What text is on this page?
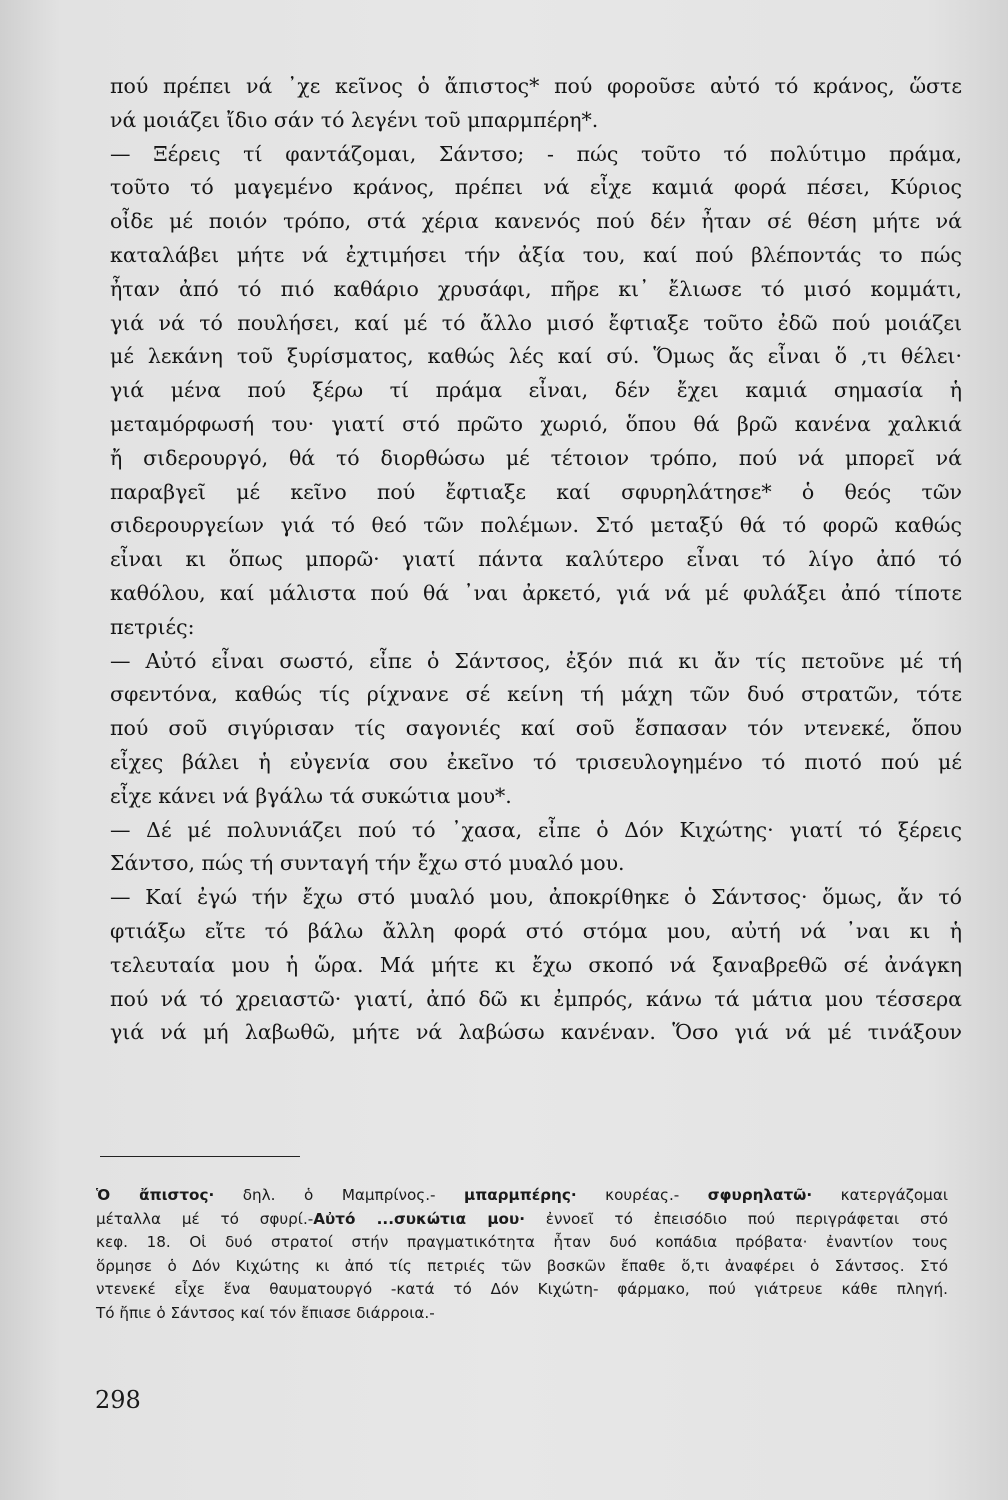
πού πρέπει νά ᾽χε κεῖνος ὁ ἄπιστος* πού φοροῦσε αὐτό τό κράνος, ὥστε
νά μοιάζει ἴδιο σάν τό λεγένι τοῦ μπαρμπέρη*.
— Ξέρεις τί φαντάζομαι, Σάντσο; - πώς τοῦτο τό πολύτιμο πράμα,
τοῦτο τό μαγεμένο κράνος, πρέπει νά εἶχε καμιά φορά πέσει, Κύριος
οἶδε μέ ποιόν τρόπο, στά χέρια κανενός πού δέν ἦταν σέ θέση μήτε νά
καταλάβει μήτε νά ἐχτιμήσει τήν ἀξία του, καί πού βλέποντάς το πώς
ἦταν ἀπό τό πιό καθάριο χρυσάφι, πῆρε κι᾽ ἔλιωσε τό μισό κομμάτι,
γιά νά τό πουλήσει, καί μέ τό ἄλλο μισό ἔφτιαξε τοῦτο ἐδῶ πού μοιάζει
μέ λεκάνη τοῦ ξυρίσματος, καθώς λές καί σύ. Ὅμως ἄς εἶναι ὅ ,τι θέλει·
γιά μένα πού ξέρω τί πράμα εἶναι, δέν ἔχει καμιά σημασία ἡ
μεταμόρφωσή του· γιατί στό πρῶτο χωριό, ὅπου θά βρῶ κανένα χαλκιά
ἤ σιδερουργό, θά τό διορθώσω μέ τέτοιον τρόπο, πού νά μπορεῖ νά
παραβγεῖ μέ κεῖνο πού ἔφτιαξε καί σφυρηλάτησε* ὁ θεός τῶν
σιδερουργείων γιά τό θεό τῶν πολέμων. Στό μεταξύ θά τό φορῶ καθώς
εἶναι κι ὅπως μπορῶ· γιατί πάντα καλύτερο εἶναι τό λίγο ἀπό τό
καθόλου, καί μάλιστα πού θά ᾽ναι ἀρκετό, γιά νά μέ φυλάξει ἀπό τίποτε
πετριές:
— Αὐτό εἶναι σωστό, εἶπε ὁ Σάντσος, ἐξόν πιά κι ἄν τίς πετοῦνε μέ τή
σφεντόνα, καθώς τίς ρίχνανε σέ κείνη τή μάχη τῶν δυό στρατῶν, τότε
πού σοῦ σιγύρισαν τίς σαγονιές καί σοῦ ἔσπασαν τόν ντενεκέ, ὅπου
εἶχες βάλει ἡ εὐγενία σου ἐκεῖνο τό τρισευλογημένο τό πιοτό πού μέ
εἶχε κάνει νά βγάλω τά συκώτια μου*.
— Δέ μέ πολυνιάζει πού τό ᾽χασα, εἶπε ὁ Δόν Κιχώτης· γιατί τό ξέρεις
Σάντσο, πώς τή συνταγή τήν ἔχω στό μυαλό μου.
— Καί ἐγώ τήν ἔχω στό μυαλό μου, ἀποκρίθηκε ὁ Σάντσος· ὅμως, ἄν τό
φτιάξω εἴτε τό βάλω ἄλλη φορά στό στόμα μου, αὐτή νά ᾽ναι κι ἡ
τελευταία μου ἡ ὥρα. Μά μήτε κι ἔχω σκοπό νά ξαναβρεθῶ σέ ἀνάγκη
πού νά τό χρειαστῶ· γιατί, ἀπό δῶ κι ἐμπρός, κάνω τά μάτια μου τέσσερα
γιά νά μή λαβωθῶ, μήτε νά λαβώσω κανέναν. Ὅσο γιά νά μέ τινάξουν
Ὁ ἄπιστος· δηλ. ὁ Μαμπρίνος.- μπαρμπέρης· κουρέας.- σφυρηλατῶ· κατεργάζομαι
μέταλλα μέ τό σφυρί.-Αὐτό ...συκώτια μου· ἐννοεῖ τό ἐπεισόδιο πού περιγράφεται στό
κεφ. 18. Οἱ δυό στρατοί στήν πραγματικότητα ἦταν δυό κοπάδια πρόβατα· ἐναντίον τους
ὅρμησε ὁ Δόν Κιχώτης κι ἀπό τίς πετριές τῶν βοσκῶν ἔπαθε ὅ,τι ἀναφέρει ὁ Σάντσος. Στό
ντενεκέ εἶχε ἕνα θαυματουργό -κατά τό Δόν Κιχώτη- φάρμακο, πού γιάτρευε κάθε πληγή.
Τό ἤπιε ὁ Σάντσος καί τόν ἔπιασε διάρροια.-
298
